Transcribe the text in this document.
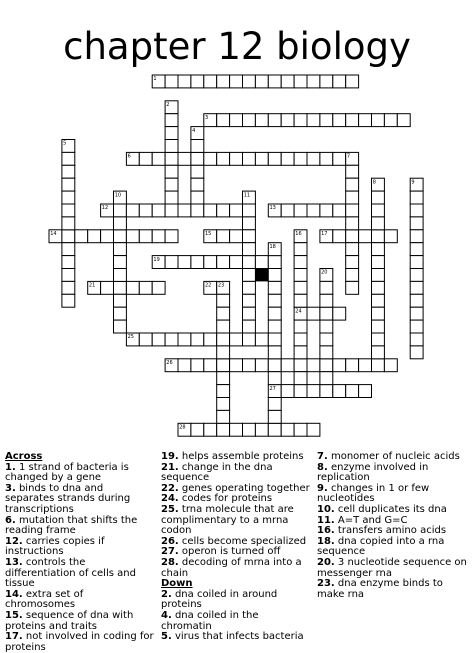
chapter 12 biology
1
3
6	7
12	13
14	15	17
19
21	22 23
24
25
26
27
28
2
4
5
8	9
10	11
16
18
20
Across
1. 1 strand of bacteria is changed by a gene
3. binds to dna and separates strands during transcriptions
6. mutation that shifts the reading frame
12. carries copies if instructions
13. controls the differentiation of cells and tissue
14. extra set of chromosomes
15. sequence of dna with proteins and traits
17. not involved in coding for proteins
19. helps assemble proteins
21. change in the dna sequence
22. genes operating together
24. codes for proteins
25. trna molecule that are complimentary to a mrna codon
26. cells become specialized
27. operon is turned off
28. decoding of mrna into a chain
Down
2. dna coiled in around proteins
4. dna coiled in the chromatin
5. virus that infects bacteria
7. monomer of nucleic acids
8. enzyme involved in replication
9. changes in 1 or few nucleotides
10. cell duplicates its dna
11. A=T and G=C
16. transfers amino acids
18. dna copied into a rna sequence
20. 3 nucleotide sequence on messenger rna
23. dna enzyme binds to make rna
